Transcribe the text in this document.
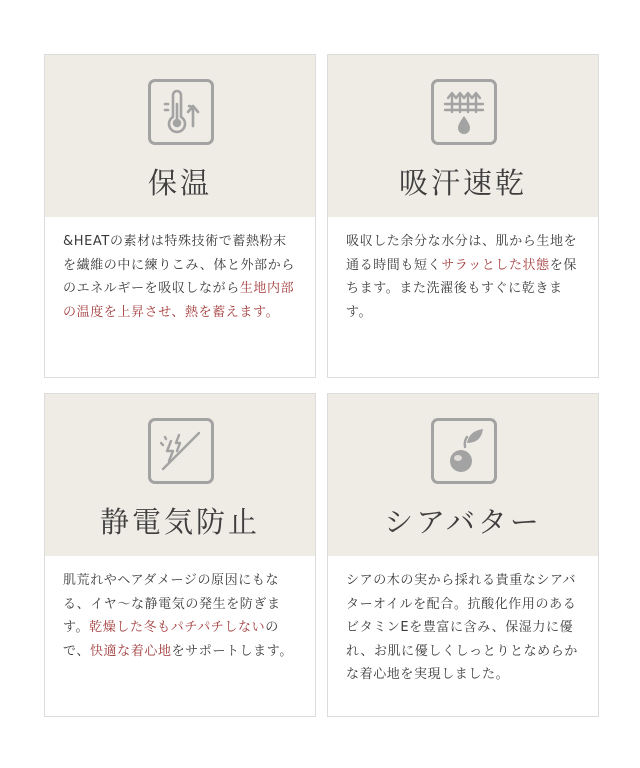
保温
&HEATの素材は特殊技術で蓄熱粉末を繊維の中に練りこみ、体と外部からのエネルギーを吸収しながら生地内部の温度を上昇させ、熱を蓄えます。
吸汗速乾
吸収した余分な水分は、肌から生地を通る時間も短くサラッとした状態を保ちます。また洗濯後もすぐに乾きます。
静電気防止
肌荒れやヘアダメージの原因にもなる、イヤ〜な静電気の発生を防ぎます。乾燥した冬もパチパチしないので、快適な着心地をサポートします。
シアバター
シアの木の実から採れる貴重なシアバターオイルを配合。抗酸化作用のあるビタミンEを豊富に含み、保湿力に優れ、お肌に優しくしっとりとなめらかな着心地を実現しました。
